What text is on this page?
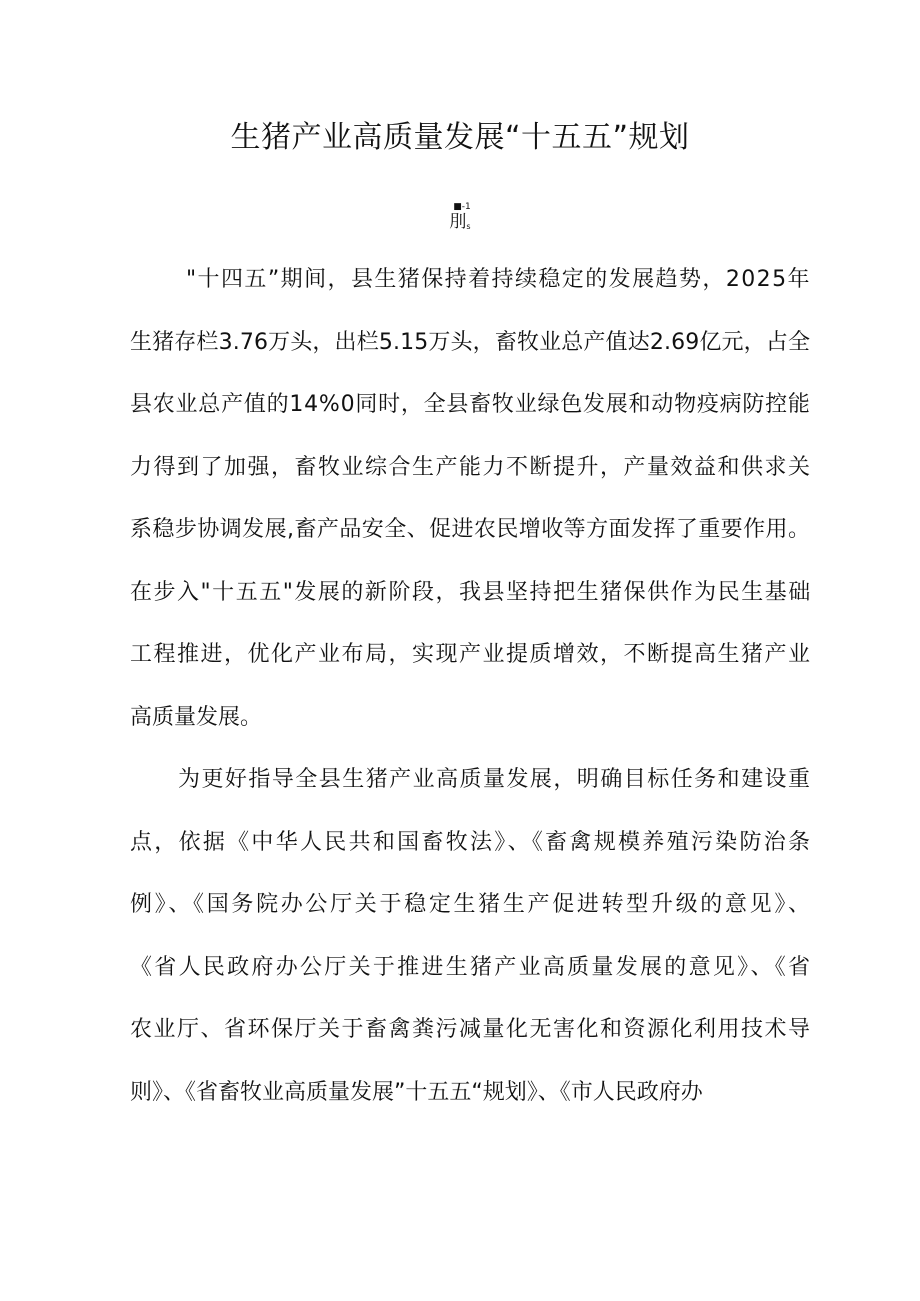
生猪产业高质量发展“十五五”规划
■-1
刖$_s$
"十四五”期间，县生猪保持着持续稳定的发展趋势，2025年
生猪存栏3.76万头，出栏5.15万头，畜牧业总产值达2.69亿元，占全
县农业总产值的14%0同时，全县畜牧业绿色发展和动物疫病防控能
力得到了加强，畜牧业综合生产能力不断提升，产量效益和供求关
系稳步协调发展,畜产品安全、促进农民增收等方面发挥了重要作用。
在步入"十五五"发展的新阶段，我县坚持把生猪保供作为民生基础
工程推进，优化产业布局，实现产业提质增效，不断提高生猪产业
高质量发展。
为更好指导全县生猪产业高质量发展，明确目标任务和建设重
点，依据《中华人民共和国畜牧法》、《畜禽规模养殖污染防治条
例》、《国务院办公厅关于稳定生猪生产促进转型升级的意见》、
《省人民政府办公厅关于推进生猪产业高质量发展的意见》、《省
农业厅、省环保厅关于畜禽粪污减量化无害化和资源化利用技术导
则》、《省畜牧业高质量发展”十五五“规划》、《市人民政府办
